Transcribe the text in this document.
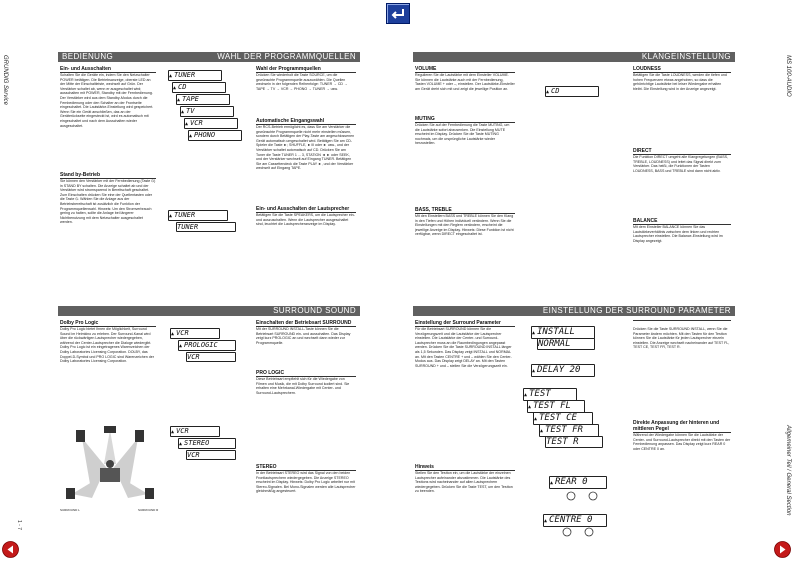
GRUNDIG Service	MS 100-AUDIO
Allgemeiner Teil / General Section
1 - 7
BEDIENUNG	WAHL DER PROGRAMMQUELLEN
Ein- und Ausschalten
Schalten Sie die Geräte ein, indem Sie den Netzschalter POWER betätigen. Die Betriebsanzeige, oberste LED an der Mitte der Einschaltleiste, wechselt auf Grün. Der Verstärker schaltet ab, wenn er ausgeschaltet wird; ausschalten mit POWER, Standby mit der Fernbedienung. Der Verstärker wird aus dem Standby-Modus durch die Fernbedienung oder den Schalter an der Frontseite eingeschaltet. Die Lautstärke-Einstellung wird gespeichert. Wenn Sie ein Gerät anschließen, das an der Geräterückseite eingesteckt ist, wird es automatisch mit eingeschaltet und nach dem Ausschalten wieder ausgeschaltet.
Stand by-Betrieb
Sie können den Verstärker mit der Fernbedienung (Taste ⏻) in STAND BY schalten. Die Anzeige schaltet ab und der Verstärker wird stromsparend in Bereitschaft geschaltet. Zum Einschalten drücken Sie eine der Quellentasten oder die Taste ⏻. Wählen Sie die Anlage aus der Betriebsbereitschaft ist zusätzlich die Funktion der Programmquellenwahl. Hinweis: Um den Stromverbrauch gering zu halten, sollte die Anlage bei längerer Nichtbenutzung mit dem Netzschalter ausgeschaltet werden.
▲ TUNER
▲ CD
▲ TAPE
▲ TV
▲ VCR
▲ PHONO
▲ TUNER
TUNER
Wahl der Programmquellen
Drücken Sie wiederholt die Taste SOURCE, um die gewünschte Programmquelle auszuwählen. Die Quellen wechseln in der folgenden Reihenfolge: TUNER → CD → TAPE → TV → VCR → PHONO → TUNER → usw.
Automatische Eingangswahl
Der RCS-Betrieb ermöglicht es, dass Sie am Verstärker die gewünschte Programmquelle nicht mehr einstellen müssen, sondern durch Betätigen der Play-Taste am angeschlossenen Gerät automatisch umgeschaltet wird. Betätigen Sie am CD-Spieler die Taste ►; SHUFFLE, ►/II oder ► usw., und der Verstärker schaltet automatisch auf CD. Drücken Sie am Tuner die Taste TUNER 1 ... 3, STATION ◄ ► oder SEEK, und der Verstärker wechselt auf Eingang TUNER. Betätigen Sie am Cassettendeck die Taste PLAY ►, und der Verstärker wechselt auf Eingang TAPE.
Ein- und Ausschalten der Lautsprecher
Betätigen Sie die Taste SPEAKERS, um die Lautsprecher ein- und auszuschalten. Wenn die Lautsprecher ausgeschaltet sind, leuchtet die Lautsprecheranzeige im Display.
KLANGEINSTELLUNG
VOLUME
Regulieren Sie die Lautstärke mit dem Einsteller VOLUME. Sie können die Lautstärke auch mit der Fernbedienung, Tasten VOLUME + oder –, einstellen. Der Lautstärke-Einsteller am Gerät dreht sich mit und zeigt die jeweilige Position an.
MUTING
Drücken Sie auf der Fernbedienung die Taste MUTING, um die Lautstärke sofort abzusenken. Die Einstellung MUTE erscheint im Display. Drücken Sie die Taste MUTING nochmals, um die ursprüngliche Lautstärke wieder herzustellen.
BASS, TREBLE
Mit den Einstellern BASS und TREBLE können Sie den Klang in den Tiefen und Höhen individuell verändern. Wenn Sie die Einstellungen mit den Reglern verändern, erscheint die jeweilige Anzeige im Display. Hinweis: Diese Funktion ist nicht verfügbar, wenn DIRECT eingeschaltet ist.
▲ CD
LOUDNESS
Betätigen Sie die Taste LOUDNESS, werden die tiefen und hohen Frequenzen etwas angehoben, so dass die gehörrichtige Lautstärke bei leiser Wiedergabe erhalten bleibt. Die Einstellung wird in der Anzeige angezeigt.
DIRECT
Die Funktion DIRECT umgeht alle Klangregelungen (BASS, TREBLE, LOUDNESS) und leitet das Signal direkt zum Verstärker. Das heißt, die Funktionen der Tasten LOUDNESS, BASS und TREBLE sind dann nicht aktiv.
BALANCE
Mit dem Einsteller BALANCE können Sie das Lautstärkeverhältnis zwischen dem linken und rechten Lautsprecher einstellen. Die Balance-Einstellung wird im Display angezeigt.
SURROUND SOUND
Dolby Pro Logic
Dolby Pro Logic bietet Ihnen die Möglichkeit, Surround Sound im Heimkino zu erleben. Der Surround-Kanal wird über die rückwärtigen Lautsprecher wiedergegeben, während der Center-Lautsprecher die Dialoge wiedergibt. Dolby Pro Logic ist ein eingetragenes Warenzeichen der Dolby Laboratories Licensing Corporation. DOLBY, das Doppel-D-Symbol und PRO LOGIC sind Warenzeichen der Dolby Laboratories Licensing Corporation.
SURROUND L	SURROUND R
▲ VCR
▲ PROLOGIC
VCR
▲ VCR
▲ STEREO
VCR
Einschalten der Betriebsart SURROUND
Mit der SURROUND INSTALL-Taste können Sie die Betriebsart SURROUND ein- und ausschalten. Das Display zeigt kurz PROLOGIC an und wechselt dann wieder zur Programmquelle.
PRO LOGIC
Diese Betriebsart empfiehlt sich für die Wiedergabe von Filmen und Musik, die mit Dolby Surround kodiert sind. Sie erhalten eine Mehrkanal-Wiedergabe mit Center- und Surround-Lautsprechern.
STEREO
In der Betriebsart STEREO wird das Signal von den beiden Frontlautsprechern wiedergegeben. Die Anzeige STEREO erscheint im Display. Hinweis: Dolby Pro Logic arbeitet nur mit Stereo-Signalen. Bei Mono-Signalen werden alle Lautsprecher gleichmäßig angesteuert.
EINSTELLUNG DER SURROUND PARAMETER
Einstellung der Surround Parameter
Für die Betriebsart SURROUND können Sie die Verzögerungszeit und die Lautstärke der Lautsprecher einstellen. Die Lautstärke der Center- und Surround-Lautsprecher muss an die Raumbedingungen angepasst werden. Drücken Sie die Taste SURROUND INSTALL länger als 1,5 Sekunden. Das Display zeigt INSTALL und NORMAL an. Mit den Tasten CENTRE + und – wählen Sie den Center-Modus aus. Das Display zeigt DELAY an. Mit den Tasten SURROUND + und – stellen Sie die Verzögerungszeit ein.
Hinweis
Stellen Sie den Testton ein, um die Lautstärke der einzelnen Lautsprecher aufeinander abzustimmen. Die Lautstärke des Testtons wird nacheinander auf allen Lautsprechern wiedergegeben. Drücken Sie die Taste TEST, um den Testton zu beenden.
▲ INSTALL
NORMAL
▲ DELAY 20
▲ TEST
▲ TEST FL
▲ TEST CE
▲ TEST FR
TEST R
▲ REAR 0
▲ CENTRE 0
Drücken Sie die Taste SURROUND INSTALL, wenn Sie die Parameter ändern möchten. Mit den Tasten für den Testton können Sie die Lautstärke für jeden Lautsprecher einzeln einstellen. Die Anzeige wechselt nacheinander auf TEST FL, TEST CE, TEST FR, TEST R.
Direkte Anpassung der hinteren und mittleren Pegel
Während der Wiedergabe können Sie die Lautstärke der Center- und Surround-Lautsprecher direkt mit den Tasten der Fernbedienung anpassen. Das Display zeigt kurz REAR 0 oder CENTRE 0 an.
